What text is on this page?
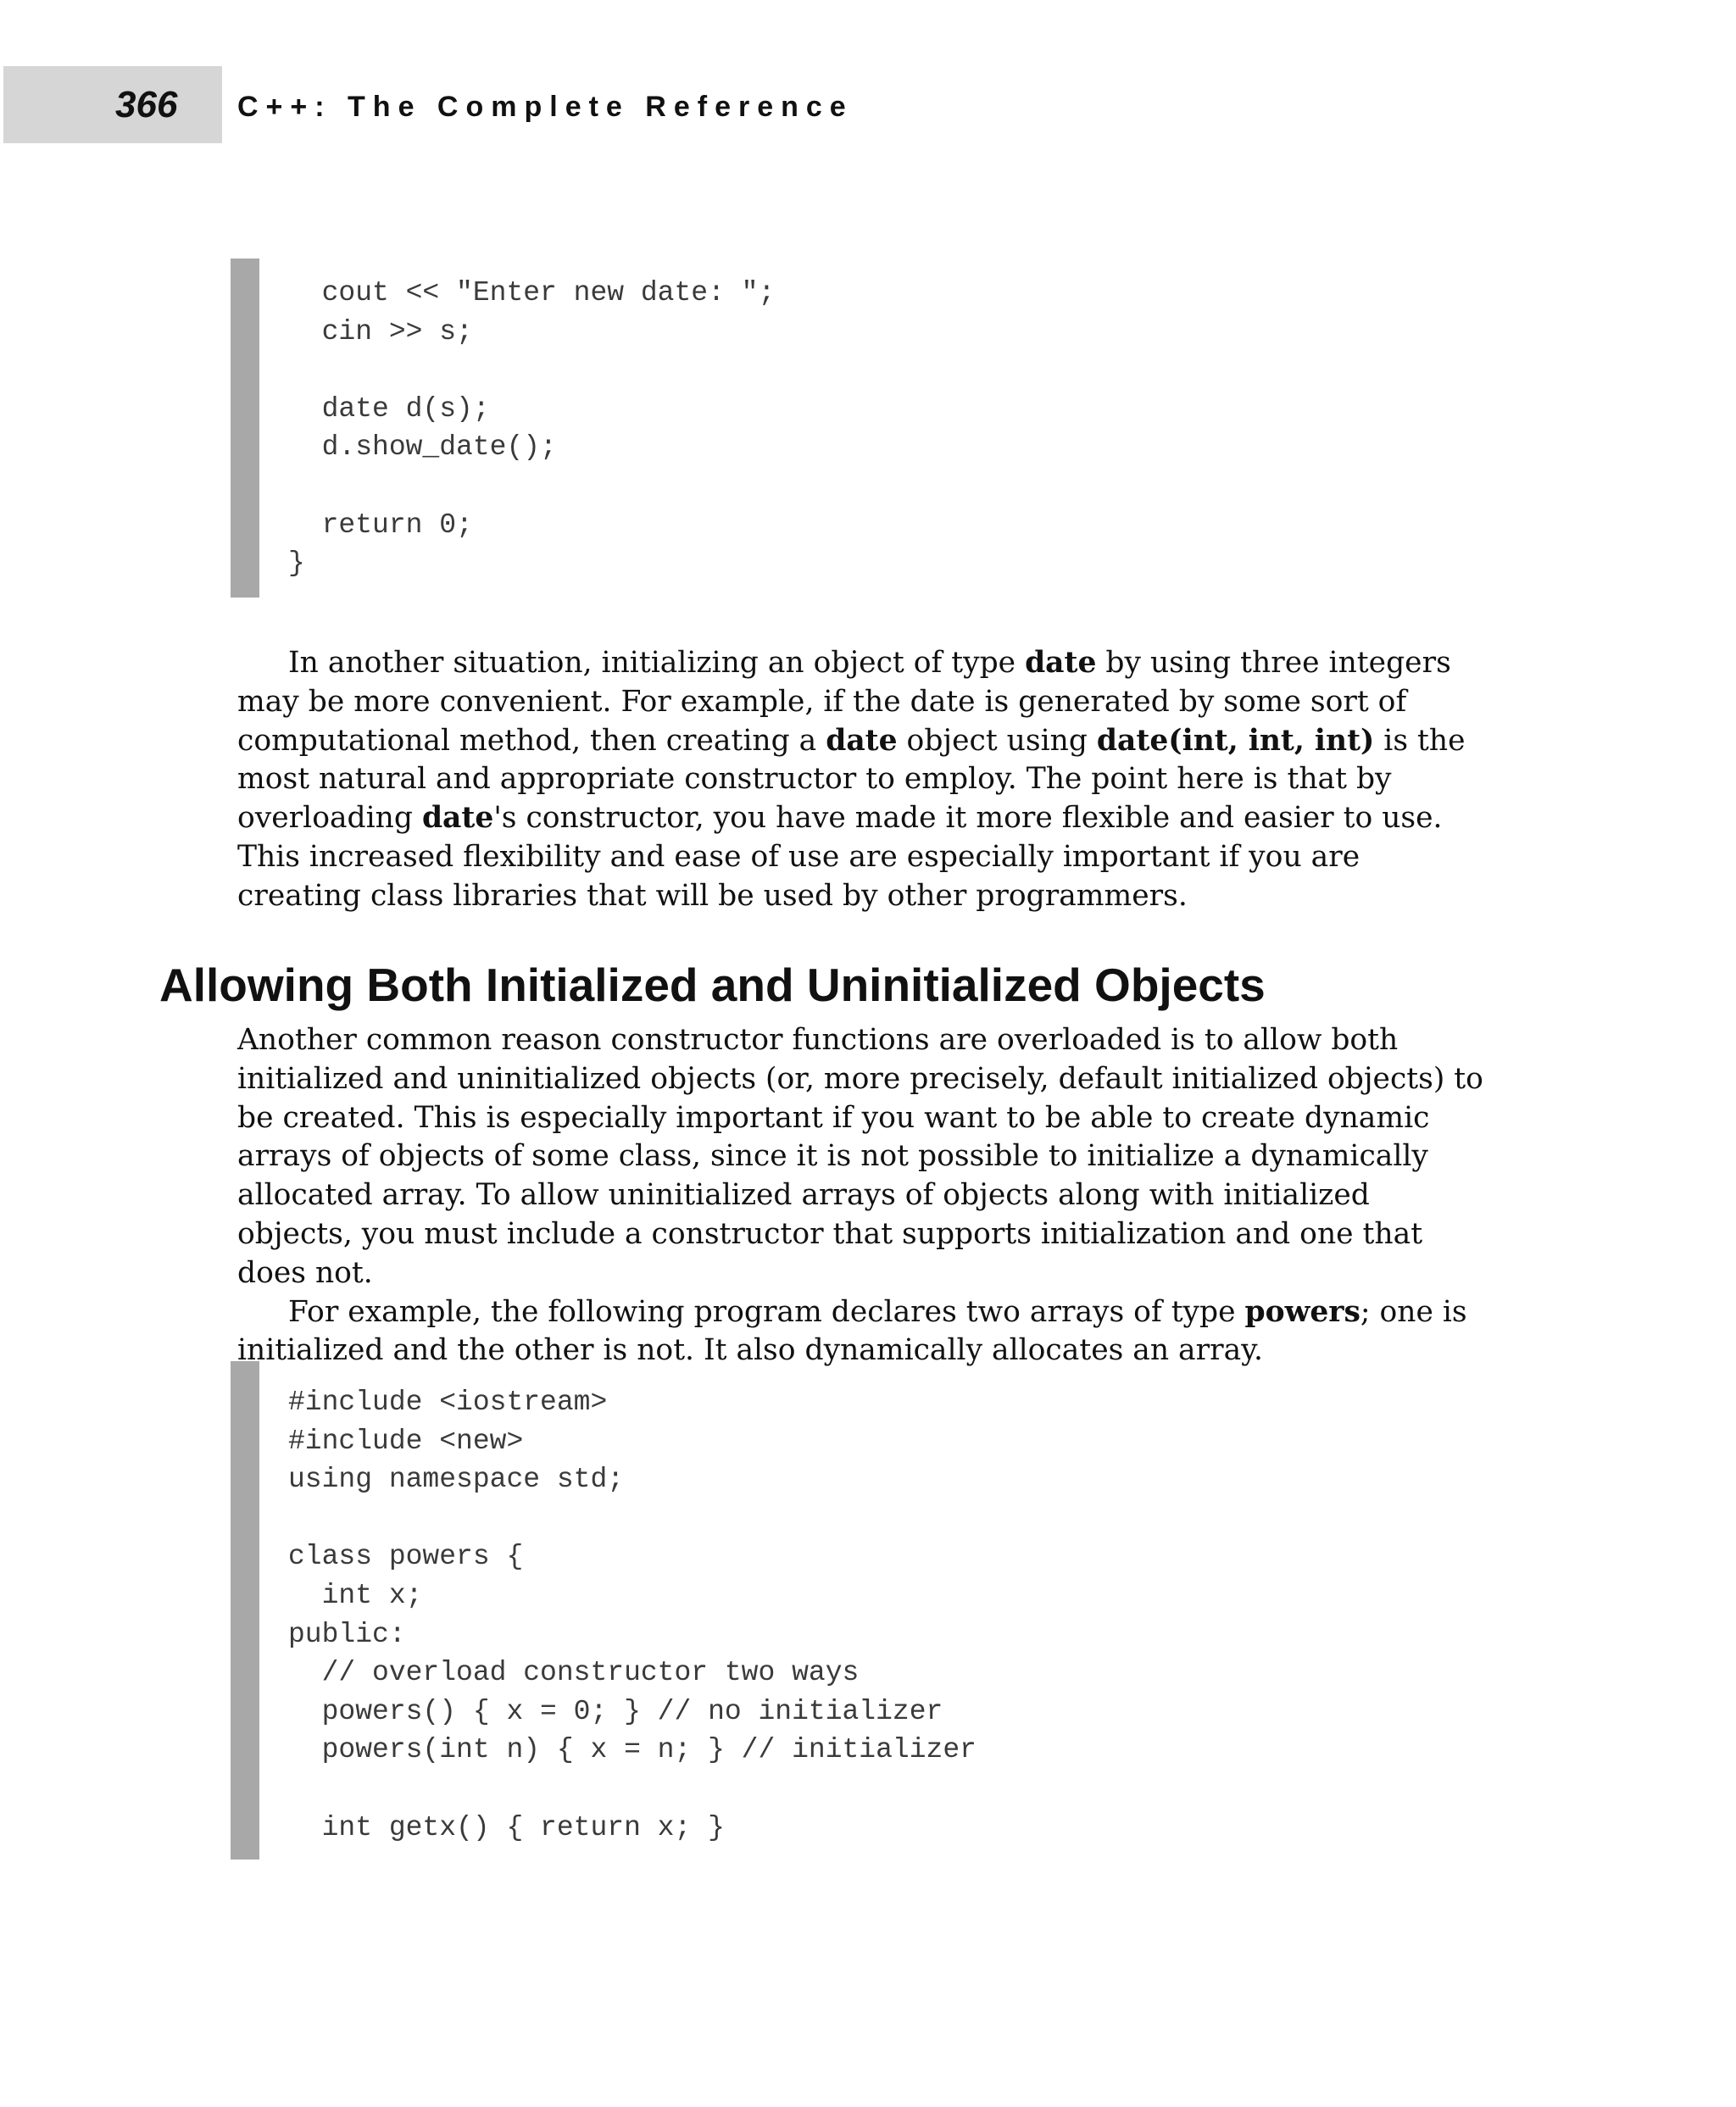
366 C++: The Complete Reference
cout << "Enter new date: ";
cin >> s;

date d(s);
d.show_date();

return 0;
}

In another situation, initializing an object of type date by using three integers may be more convenient. For example, if the date is generated by some sort of computational method, then creating a date object using date(int, int, int) is the most natural and appropriate constructor to employ. The point here is that by overloading date's constructor, you have made it more flexible and easier to use. This increased flexibility and ease of use are especially important if you are creating class libraries that will be used by other programmers.

Allowing Both Initialized and Uninitialized Objects

Another common reason constructor functions are overloaded is to allow both initialized and uninitialized objects (or, more precisely, default initialized objects) to be created. This is especially important if you want to be able to create dynamic arrays of objects of some class, since it is not possible to initialize a dynamically allocated array. To allow uninitialized arrays of objects along with initialized objects, you must include a constructor that supports initialization and one that does not.

For example, the following program declares two arrays of type powers; one is initialized and the other is not. It also dynamically allocates an array.

#include <iostream>
#include <new>
using namespace std;

class powers {
int x;
public:
// overload constructor two ways
powers() { x = 0; } // no initializer
powers(int n) { x = n; } // initializer

int getx() { return x; }
